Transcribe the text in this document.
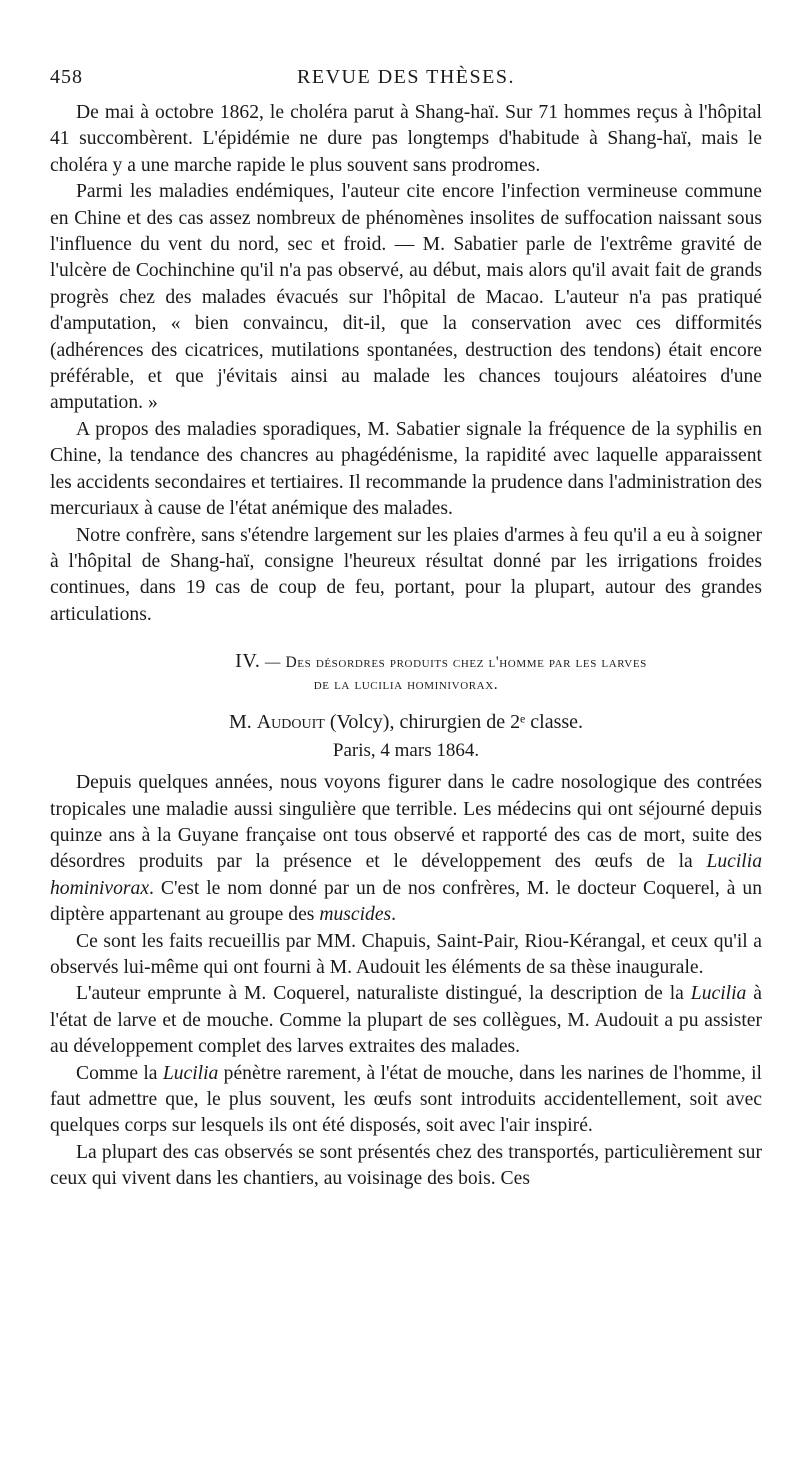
458	REVUE DES THÈSES.

De mai à octobre 1862, le choléra parut à Shang-haï. Sur 71 hommes reçus à l'hôpital 41 succombèrent. L'épidémie ne dure pas longtemps d'habitude à Shang-haï, mais le choléra y a une marche rapide le plus souvent sans prodromes.

Parmi les maladies endémiques, l'auteur cite encore l'infection vermineuse commune en Chine et des cas assez nombreux de phénomènes insolites de suffocation naissant sous l'influence du vent du nord, sec et froid. — M. Sabatier parle de l'extrême gravité de l'ulcère de Cochinchine qu'il n'a pas observé, au début, mais alors qu'il avait fait de grands progrès chez des malades évacués sur l'hôpital de Macao. L'auteur n'a pas pratiqué d'amputation, « bien convaincu, dit-il, que la conservation avec ces difformités (adhérences des cicatrices, mutilations spontanées, destruction des tendons) était encore préférable, et que j'évitais ainsi au malade les chances toujours aléatoires d'une amputation. »

A propos des maladies sporadiques, M. Sabatier signale la fréquence de la syphilis en Chine, la tendance des chancres au phagédénisme, la rapidité avec laquelle apparaissent les accidents secondaires et tertiaires. Il recommande la prudence dans l'administration des mercuriaux à cause de l'état anémique des malades.

Notre confrère, sans s'étendre largement sur les plaies d'armes à feu qu'il a eu à soigner à l'hôpital de Shang-haï, consigne l'heureux résultat donné par les irrigations froides continues, dans 19 cas de coup de feu, portant, pour la plupart, autour des grandes articulations.

IV. — Des désordres produits chez l'homme par les larves
de la lucilia hominivorax.
M. Audouit (Volcy), chirurgien de 2ᵉ classe.
Paris, 4 mars 1864.

Depuis quelques années, nous voyons figurer dans le cadre nosologique des contrées tropicales une maladie aussi singulière que terrible. Les médecins qui ont séjourné depuis quinze ans à la Guyane française ont tous observé et rapporté des cas de mort, suite des désordres produits par la présence et le développement des œufs de la Lucilia hominivorax. C'est le nom donné par un de nos confrères, M. le docteur Coquerel, à un diptère appartenant au groupe des muscides.

Ce sont les faits recueillis par MM. Chapuis, Saint-Pair, Riou-Kérangal, et ceux qu'il a observés lui-même qui ont fourni à M. Audouit les éléments de sa thèse inaugurale.

L'auteur emprunte à M. Coquerel, naturaliste distingué, la description de la Lucilia à l'état de larve et de mouche. Comme la plupart de ses collègues, M. Audouit a pu assister au développement complet des larves extraites des malades.

Comme la Lucilia pénètre rarement, à l'état de mouche, dans les narines de l'homme, il faut admettre que, le plus souvent, les œufs sont introduits accidentellement, soit avec quelques corps sur lesquels ils ont été disposés, soit avec l'air inspiré.

La plupart des cas observés se sont présentés chez des transportés, particulièrement sur ceux qui vivent dans les chantiers, au voisinage des bois. Ces
